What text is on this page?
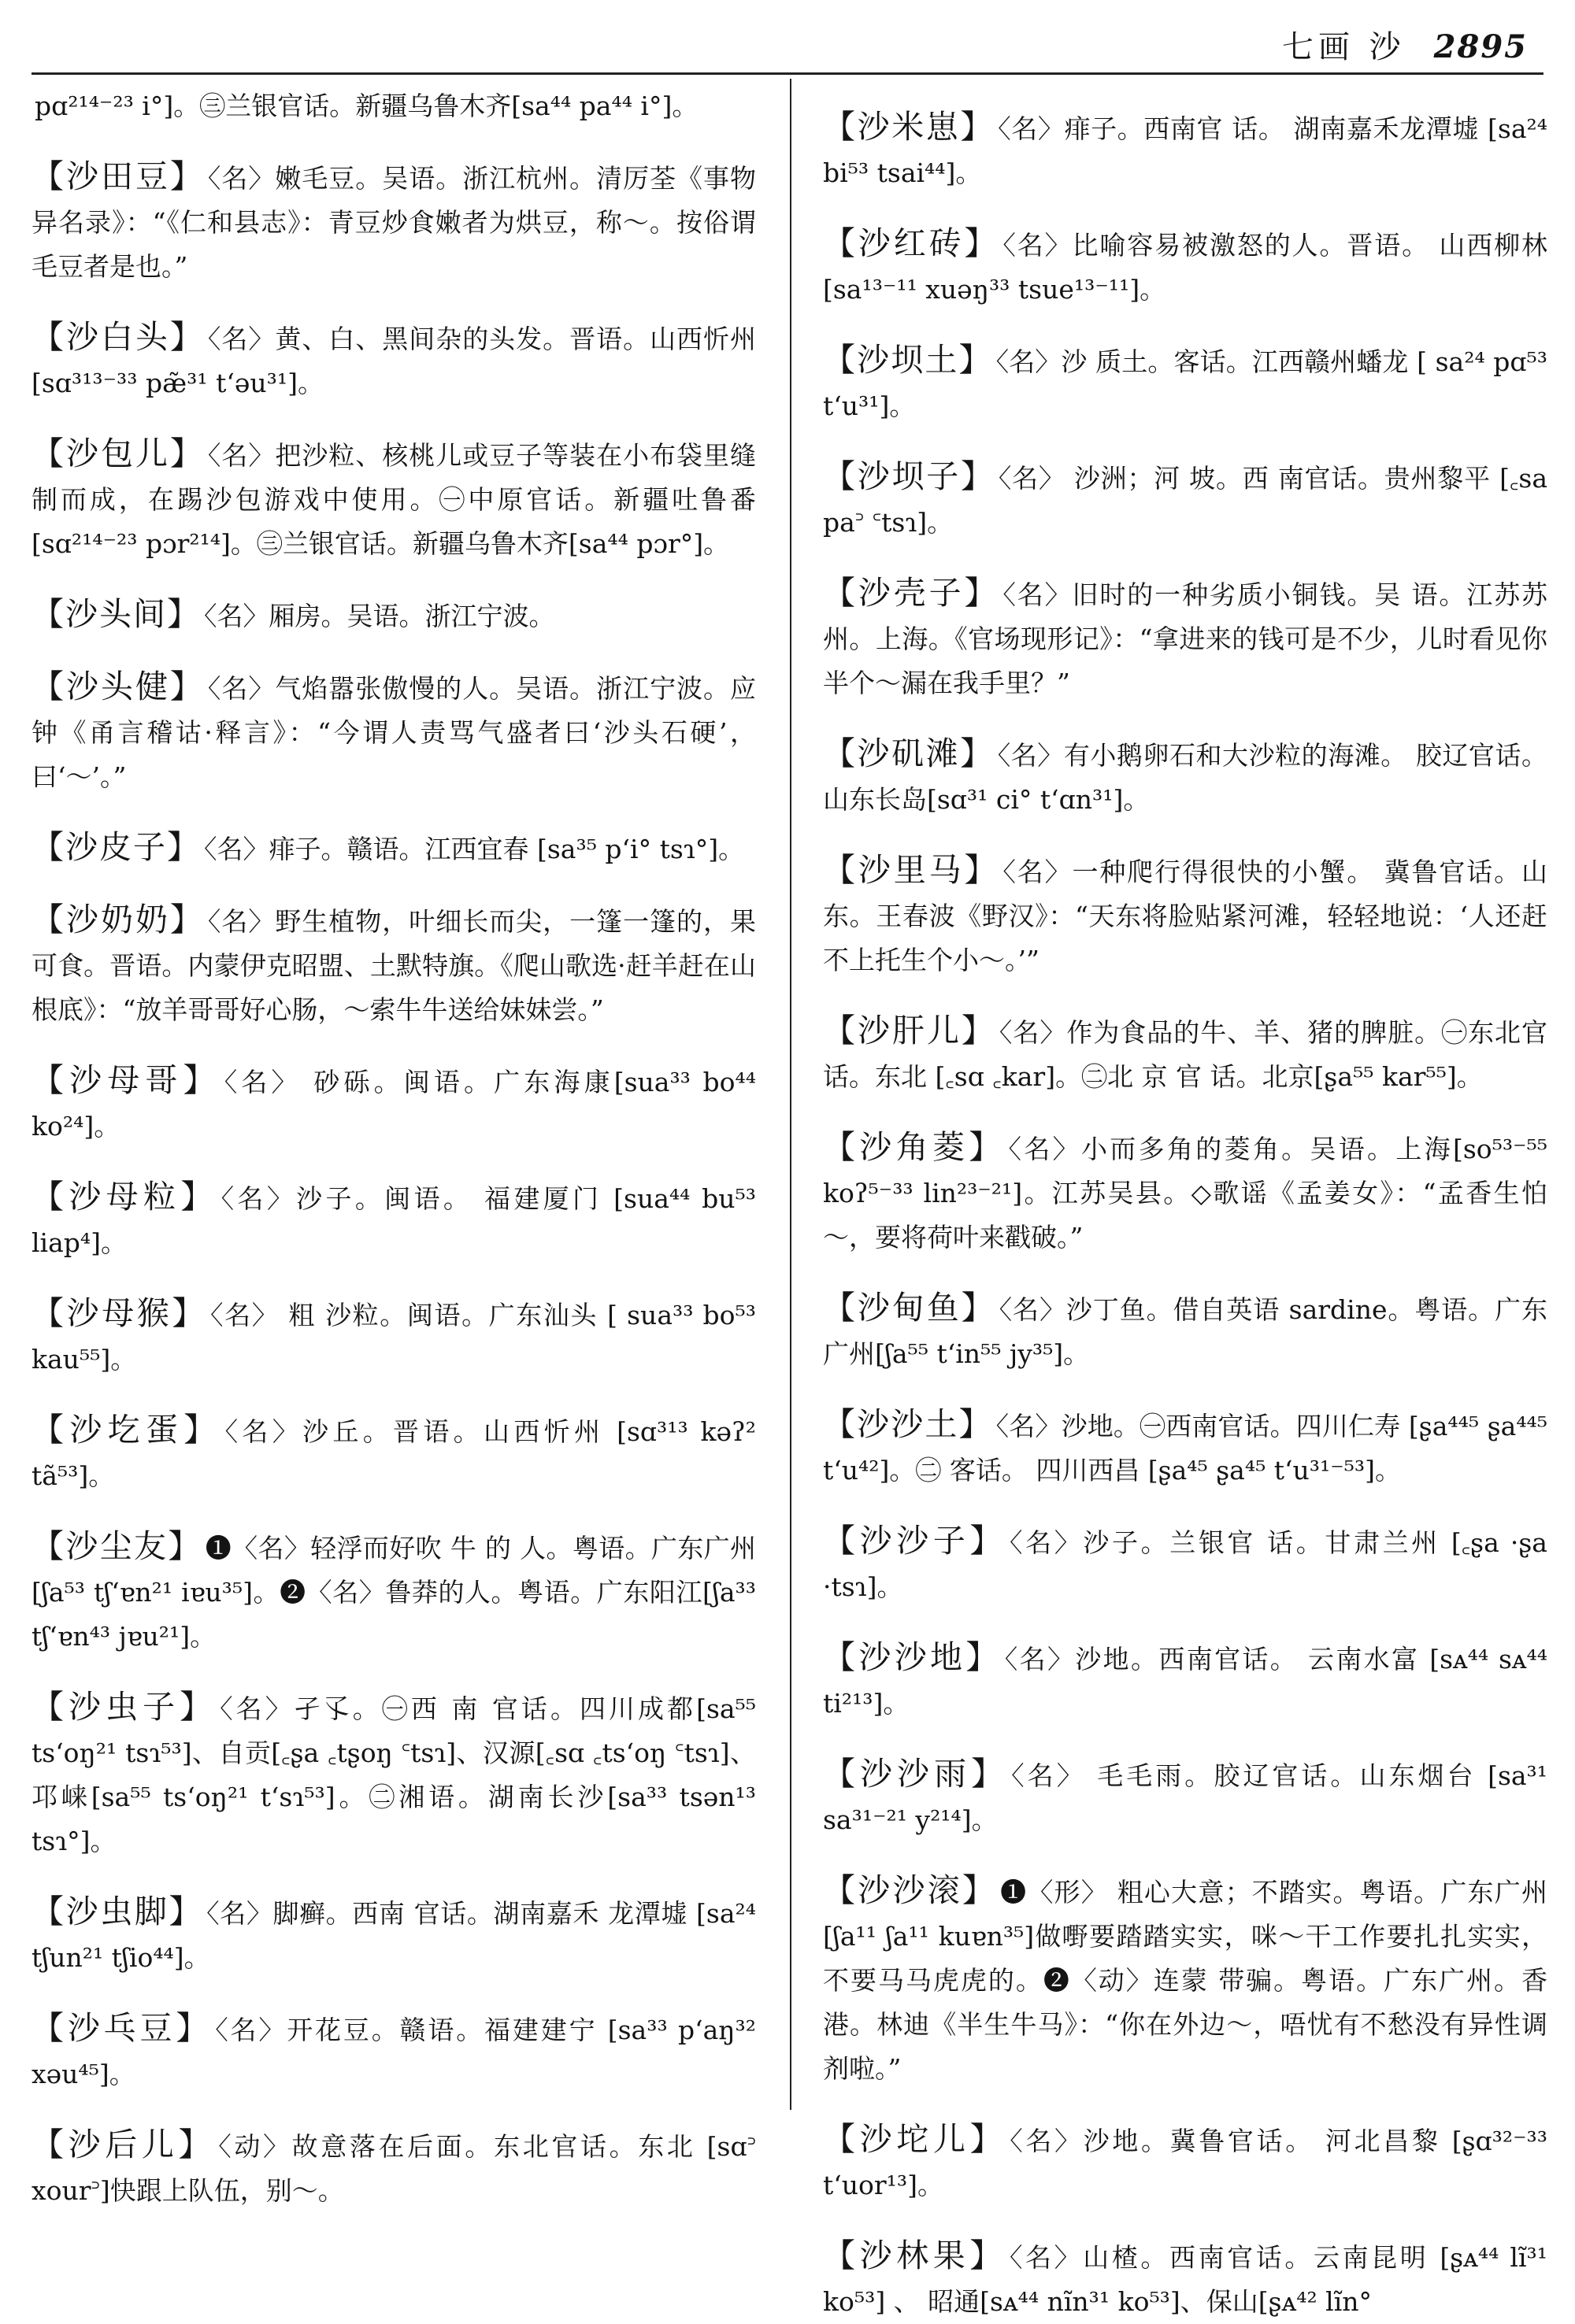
七画 沙 2895

pɑ²¹⁴⁻²³ i°]。㊂兰银官话。新疆乌鲁木齐[sa⁴⁴ pa⁴⁴ i°]。

【沙田豆】 〈名〉嫩毛豆。吴语。浙江杭州。清厉荃《事物异名录》：“《仁和县志》：青豆炒食嫩者为烘豆，称～。按俗谓毛豆者是也。”

【沙白头】 〈名〉黄、白、黑间杂的头发。晋语。山西忻州[sɑ³¹³⁻³³ pæ̃³¹ t‘əu³¹]。

【沙包儿】 〈名〉把沙粒、核桃儿或豆子等装在小布袋里缝制而成，在踢沙包游戏中使用。㊀中原官话。新疆吐鲁番[sɑ²¹⁴⁻²³ pɔr²¹⁴]。㊂兰银官话。新疆乌鲁木齐[sa⁴⁴ pɔr°]。

【沙头间】 〈名〉厢房。吴语。浙江宁波。

【沙头健】 〈名〉气焰嚣张傲慢的人。吴语。浙江宁波。应钟《甬言稽诂·释言》：“今谓人责骂气盛者曰‘沙头石硬’，曰‘～’。”

【沙皮子】 〈名〉痱子。赣语。江西宜春 [sa³⁵ p‘i° tsɿ°]。

【沙奶奶】 〈名〉野生植物，叶细长而尖，一篷一篷的，果可食。晋语。内蒙伊克昭盟、土默特旗。《爬山歌选·赶羊赶在山根底》：“放羊哥哥好心肠，～索牛牛送给妹妹尝。”

【沙母哥】 〈名〉 砂砾。闽语。广东海康[sua³³ bo⁴⁴ ko²⁴]。

【沙母粒】 〈名〉沙子。闽语。 福建厦门 [sua⁴⁴ bu⁵³ liap⁴]。

【沙母猴】 〈名〉 粗 沙粒。闽语。广东汕头 [ sua³³ bo⁵³ kau⁵⁵]。

【沙圪蛋】 〈名〉沙丘。晋语。山西忻州 [sɑ³¹³ kəʔ² tã⁵³]。

【沙尘友】 ❶〈名〉轻浮而好吹 牛 的 人。粤语。广东广州[ʃa⁵³ tʃ‘ɐn²¹ iɐu³⁵]。❷〈名〉鲁莽的人。粤语。广东阳江[ʃa³³ tʃ‘ɐn⁴³ jɐu²¹]。

【沙虫子】 〈名〉孑孓。㊀西 南 官话。四川成都[sa⁵⁵ ts‘oŋ²¹ tsɿ⁵³]、自贡[꜀ʂa ꜀tʂoŋ ꜂tsɿ]、汉源[꜀sɑ ꜀ts‘oŋ ꜂tsɿ]、邛崃[sa⁵⁵ ts‘oŋ²¹ t‘sɿ⁵³]。㊁湘语。湖南长沙[sa³³ tsən¹³ tsɿ°]。

【沙虫脚】 〈名〉脚癣。西南 官话。湖南嘉禾 龙潭墟 [sa²⁴ tʃun²¹ tʃio⁴⁴]。

【沙乓豆】 〈名〉开花豆。赣语。福建建宁 [sa³³ p‘aŋ³² xəu⁴⁵]。

【沙后儿】 〈动〉故意落在后面。东北官话。东北 [sɑ꜄ xour꜄]快跟上队伍，别～。

【沙米崽】 〈名〉痱子。西南官 话。 湖南嘉禾龙潭墟 [sa²⁴ bi⁵³ tsai⁴⁴]。

【沙红砖】 〈名〉比喻容易被激怒的人。晋语。 山西柳林[sa¹³⁻¹¹ xuəŋ³³ tsue¹³⁻¹¹]。

【沙坝土】 〈名〉沙 质土。客话。江西赣州蟠龙 [ sa²⁴ pɑ⁵³ t‘u³¹]。

【沙坝子】 〈名〉 沙洲；河 坡。西 南官话。贵州黎平 [꜀sa pa꜄ ꜂tsɿ]。

【沙壳子】 〈名〉旧时的一种劣质小铜钱。吴 语。江苏苏州。上海。《官场现形记》：“拿进来的钱可是不少，儿时看见你半个～漏在我手里？”

【沙矶滩】 〈名〉有小鹅卵石和大沙粒的海滩。 胶辽官话。山东长岛[sɑ³¹ ci° t‘ɑn³¹]。

【沙里马】 〈名〉一种爬行得很快的小蟹。 冀鲁官话。山东。王春波《野汉》：“天东将脸贴紧河滩，轻轻地说：‘人还赶不上托生个小～。’”

【沙肝儿】 〈名〉作为食品的牛、羊、猪的脾脏。㊀东北官话。东北 [꜀sɑ ꜀kar]。㊁北 京 官 话。北京[ʂa⁵⁵ kar⁵⁵]。

【沙角菱】 〈名〉小而多角的菱角。吴语。上海[so⁵³⁻⁵⁵ koʔ⁵⁻³³ lin²³⁻²¹]。江苏吴县。◇歌谣《孟姜女》：“孟香生怕～，要将荷叶来戳破。”

【沙甸鱼】 〈名〉沙丁鱼。借自英语 sardine。粤语。广东广州[ʃa⁵⁵ t‘in⁵⁵ jy³⁵]。

【沙沙土】 〈名〉沙地。㊀西南官话。四川仁寿 [ʂa⁴⁴⁵ ʂa⁴⁴⁵ t‘u⁴²]。㊁ 客话。 四川西昌 [ʂa⁴⁵ ʂa⁴⁵ t‘u³¹⁻⁵³]。

【沙沙子】 〈名〉沙子。兰银官 话。甘肃兰州 [꜀ʂa ·ʂa ·tsɿ]。

【沙沙地】 〈名〉沙地。西南官话。 云南水富 [sᴀ⁴⁴ sᴀ⁴⁴ ti²¹³]。

【沙沙雨】 〈名〉 毛毛雨。胶辽官话。山东烟台 [sa³¹ sa³¹⁻²¹ y²¹⁴]。

【沙沙滚】 ❶〈形〉 粗心大意；不踏实。粤语。广东广州[ʃa¹¹ ʃa¹¹ kuɐn³⁵]做嘢要踏踏实实，咪～干工作要扎扎实实，不要马马虎虎的。❷〈动〉连蒙 带骗。粤语。广东广州。香港。林迪《半生牛马》：“你在外边～，唔忧有不愁没有异性调剂啦。”

【沙坨儿】 〈名〉沙地。冀鲁官话。 河北昌黎 [ʂɑ³²⁻³³ t‘uor¹³]。

【沙林果】 〈名〉山楂。西南官话。云南昆明 [ʂᴀ⁴⁴ lĩ³¹ ko⁵³] 、 昭通[sᴀ⁴⁴ nĩn³¹ ko⁵³]、保山[ʂᴀ⁴² lĩn°
